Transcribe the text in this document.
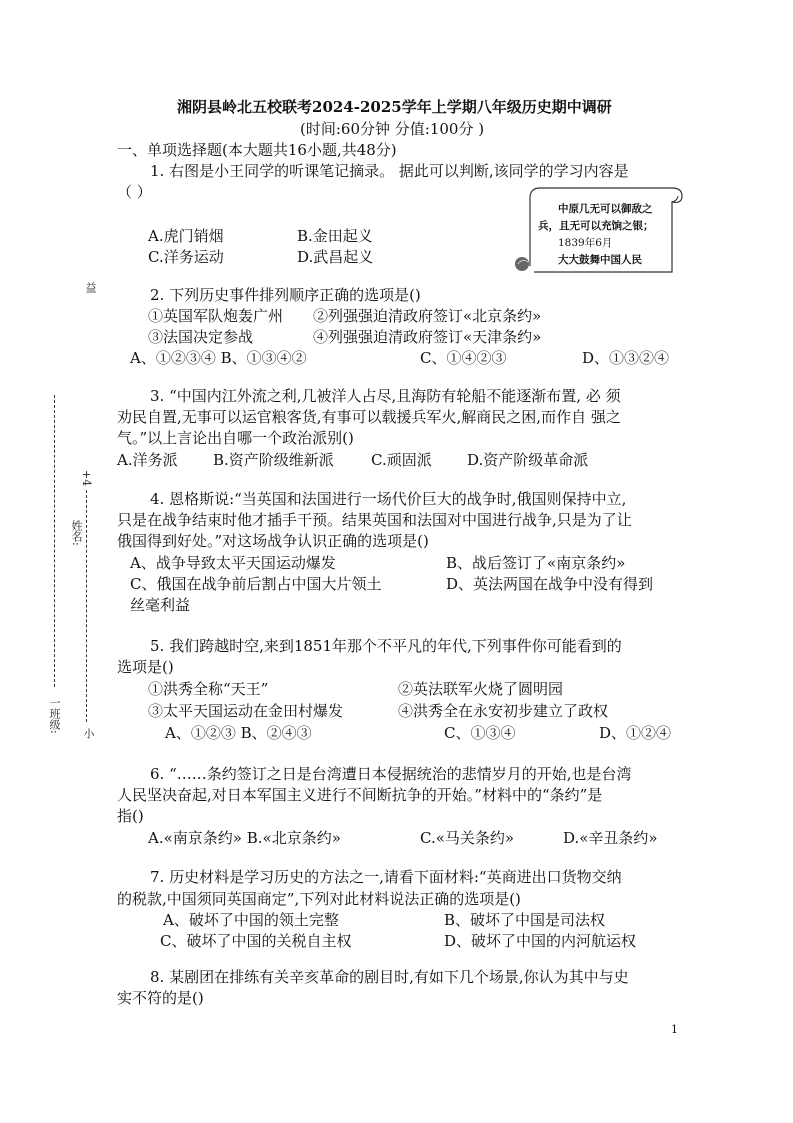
湘阴县岭北五校联考2024-2025学年上学期八年级历史期中调研
(时间:60分钟 分值:100分 )
一、单项选择题(本大题共16小题,共48分)
1. 右图是小王同学的听课笔记摘录。 据此可以判断,该同学的学习内容是
（ ）
中原几无可以御敌之
兵，且无可以充饷之银；
1839年6月
大大鼓舞中国人民
A.虎门销烟	B.金田起义
C.洋务运动	D.武昌起义
2. 下列历史事件排列顺序正确的选项是()
①英国军队炮轰广州 ②列强强迫清政府签订«北京条约»
③法国决定参战	④列强强迫清政府签订«天津条约»
A、①②③④ B、①③④②	C、①④②③	D、①③②④
3. “中国内江外流之利,几被洋人占尽,且海防有轮船不能逐渐布置, 必 须
劝民自置,无事可以运官粮客货,有事可以载援兵军火,解商民之困,而作自 强之
气。”以上言论出自哪一个政治派别()
A.洋务派 B.资产阶级维新派 C.顽固派 D.资产阶级革命派
4. 恩格斯说:“当英国和法国进行一场代价巨大的战争时,俄国则保持中立,
只是在战争结束时他才插手干预。结果英国和法国对中国进行战争,只是为了让
俄国得到好处。”对这场战争认识正确的选项是()
A、战争导致太平天国运动爆发	B、战后签订了«南京条约»
C、俄国在战争前后割占中国大片领土	D、英法两国在战争中没有得到
丝毫利益
5. 我们跨越时空,来到1851年那个不平凡的年代,下列事件你可能看到的
选项是()
①洪秀全称“天王”	②英法联军火烧了圆明园
③太平天国运动在金田村爆发	④洪秀全在永安初步建立了政权
A、①②③ B、②④③	C、①③④	D、①②④
6. “……条约签订之日是台湾遭日本侵据统治的悲情岁月的开始,也是台湾
人民坚决奋起,对日本军国主义进行不间断抗争的开始。”材料中的“条约”是
指()
A.«南京条约» B.«北京条约»	C.«马关条约»	D.«辛丑条约»
7. 历史材料是学习历史的方法之一,请看下面材料:“英商进出口货物交纳
的税款,中国须同英国商定”,下列对此材料说法正确的选项是()
A、破坏了中国的领土完整	B、破坏了中国是司法权
C、破坏了中国的关税自主权	D、破坏了中国的内河航运权
8. 某剧团在排练有关辛亥革命的剧目时,有如下几个场景,你认为其中与史
实不符的是()
益
一班级:
姓名:
+4
小
1
